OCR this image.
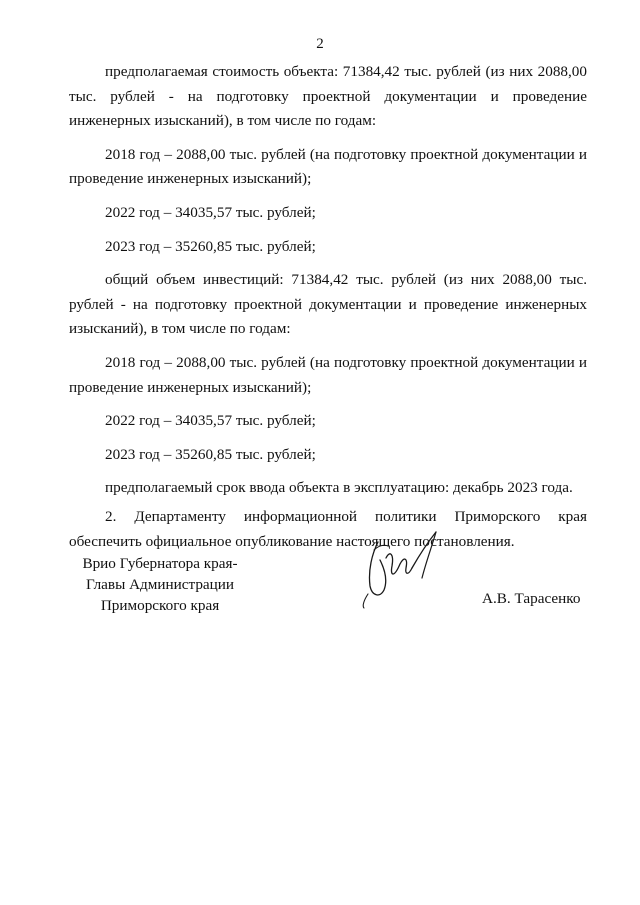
2

предполагаемая стоимость объекта: 71384,42 тыс. рублей (из них 2088,00 тыс. рублей - на подготовку проектной документации и проведение инженерных изысканий), в том числе по годам:

2018 год – 2088,00 тыс. рублей (на подготовку проектной документации и проведение инженерных изысканий);

2022 год – 34035,57 тыс. рублей;

2023 год – 35260,85 тыс. рублей;

общий объем инвестиций: 71384,42 тыс. рублей (из них 2088,00 тыс. рублей - на подготовку проектной документации и проведение инженерных изысканий), в том числе по годам:

2018 год – 2088,00 тыс. рублей (на подготовку проектной документации и проведение инженерных изысканий);

2022 год – 34035,57 тыс. рублей;

2023 год – 35260,85 тыс. рублей;

предполагаемый срок ввода объекта в эксплуатацию: декабрь 2023 года.

2. Департаменту информационной политики Приморского края обеспечить официальное опубликование настоящего постановления.

Врио Губернатора края-
Главы Администрации
Приморского края	А.В. Тарасенко
